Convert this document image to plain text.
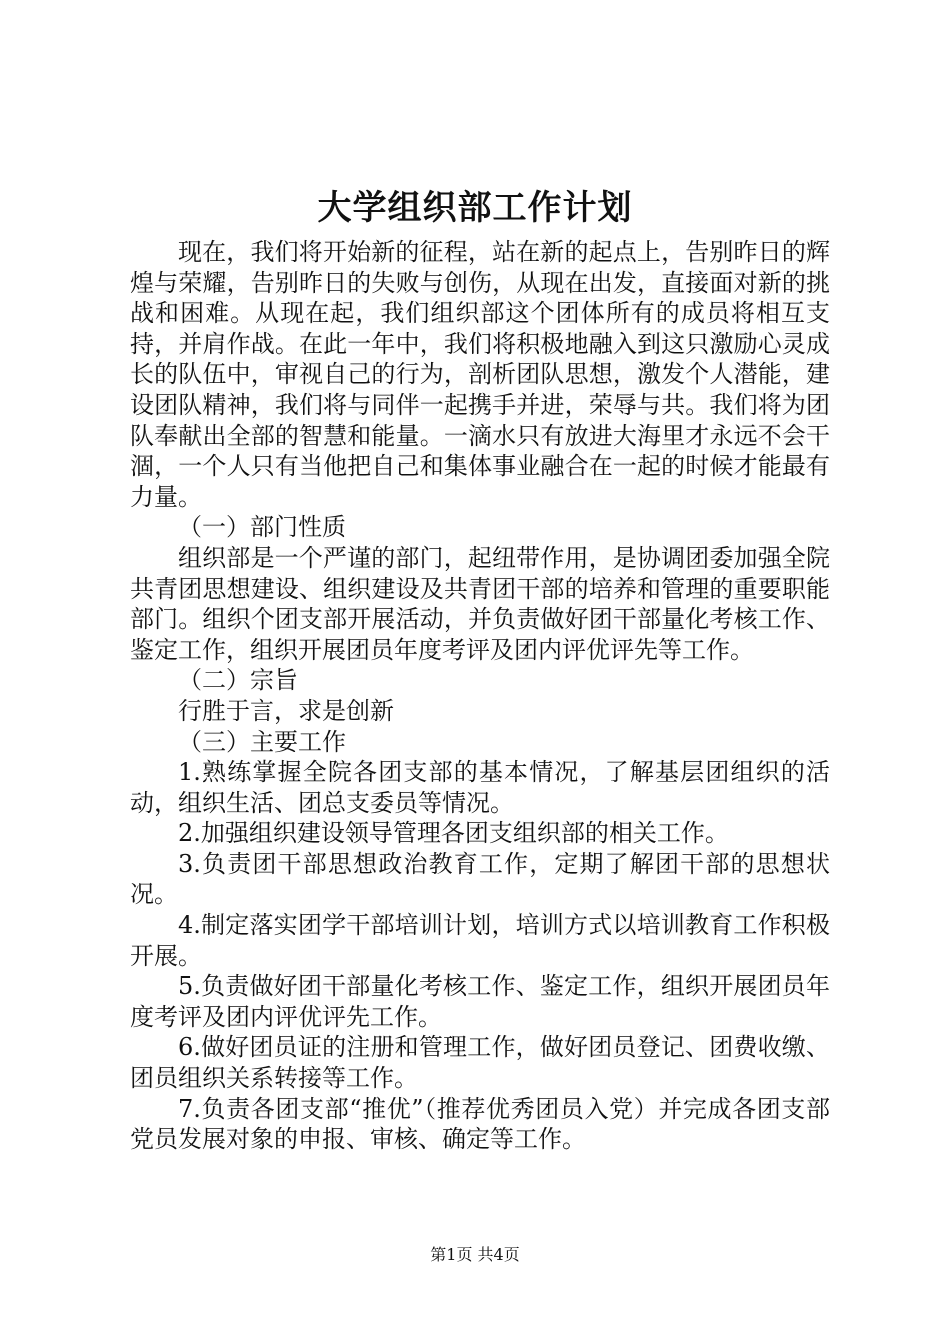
大学组织部工作计划

现在，我们将开始新的征程，站在新的起点上，告别昨日的辉煌与荣耀，告别昨日的失败与创伤，从现在出发，直接面对新的挑战和困难。从现在起，我们组织部这个团体所有的成员将相互支持，并肩作战。在此一年中，我们将积极地融入到这只激励心灵成长的队伍中，审视自己的行为，剖析团队思想，激发个人潜能，建设团队精神，我们将与同伴一起携手并进，荣辱与共。我们将为团队奉献出全部的智慧和能量。一滴水只有放进大海里才永远不会干涸，一个人只有当他把自己和集体事业融合在一起的时候才能最有力量。

（一）部门性质

组织部是一个严谨的部门，起纽带作用，是协调团委加强全院共青团思想建设、组织建设及共青团干部的培养和管理的重要职能部门。组织个团支部开展活动，并负责做好团干部量化考核工作、鉴定工作，组织开展团员年度考评及团内评优评先等工作。

（二）宗旨

行胜于言，求是创新

（三）主要工作

1.熟练掌握全院各团支部的基本情况，了解基层团组织的活动，组织生活、团总支委员等情况。

2.加强组织建设领导管理各团支组织部的相关工作。

3.负责团干部思想政治教育工作，定期了解团干部的思想状况。

4.制定落实团学干部培训计划，培训方式以培训教育工作积极开展。

5.负责做好团干部量化考核工作、鉴定工作，组织开展团员年度考评及团内评优评先工作。

6.做好团员证的注册和管理工作，做好团员登记、团费收缴、团员组织关系转接等工作。

7.负责各团支部“推优”（推荐优秀团员入党）并完成各团支部党员发展对象的申报、审核、确定等工作。

第1页 共4页
